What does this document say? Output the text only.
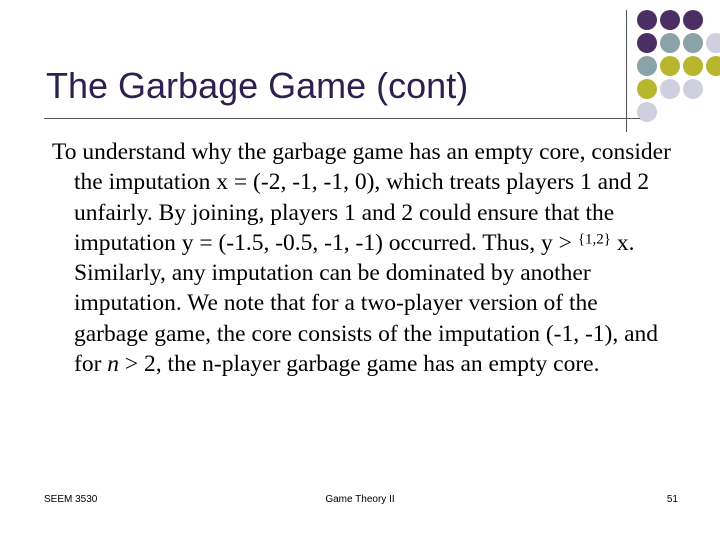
The Garbage Game (cont)

To understand why the garbage game has an empty core, consider the imputation x = (-2, -1, -1, 0), which treats players 1 and 2 unfairly. By joining, players 1 and 2 could ensure that the imputation y = (-1.5, -0.5, -1, -1) occurred. Thus, y > $^{\{1,2\}}$ x. Similarly, any imputation can be dominated by another imputation. We note that for a two-player version of the garbage game, the core consists of the imputation (-1, -1), and for n > 2, the n-player garbage game has an empty core.

SEEM 3530	Game Theory II	51
